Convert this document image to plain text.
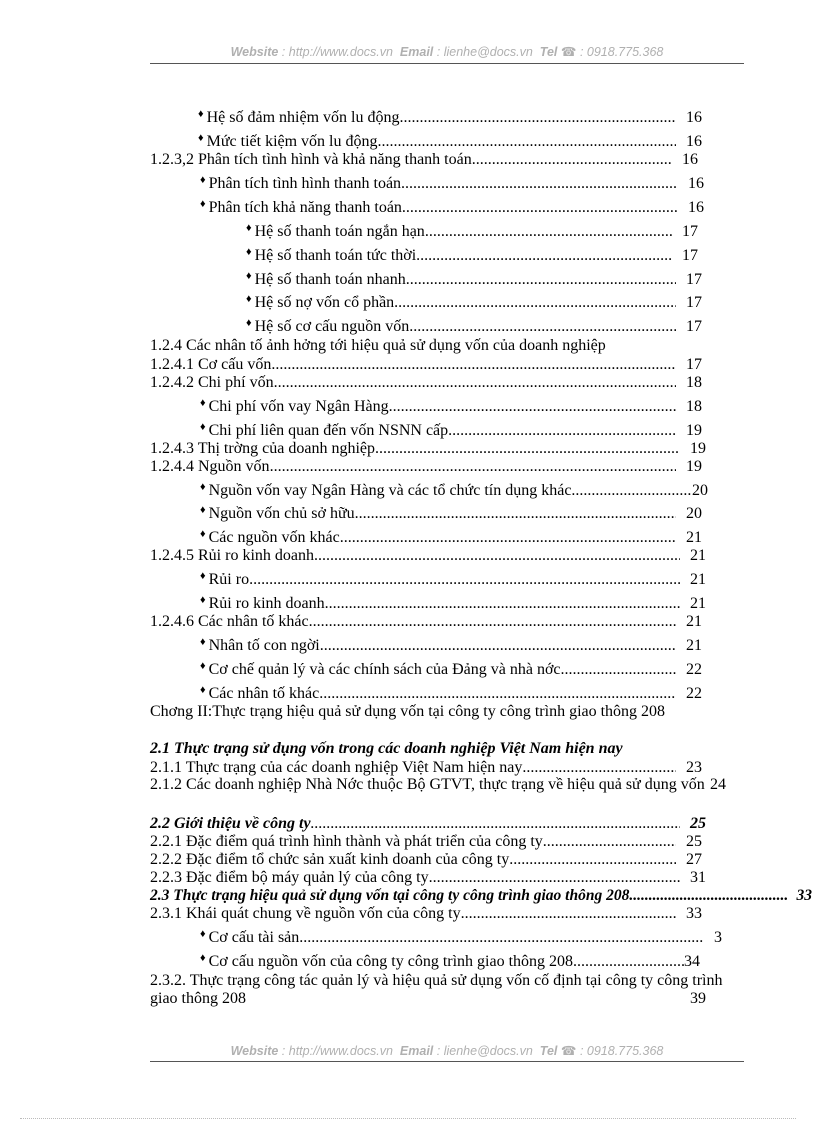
Website : http://www.docs.vn Email : lienhe@docs.vn Tel ☎ : 0918.775.368
♦ Hệ số đảm nhiệm vốn lu động .....	16
♦ Mức tiết kiệm vốn lu động .....	16
1.2.3,2 Phân tích tình hình và khả năng thanh toán .....	16
♦ Phân tích tình hình thanh toán .....	16
♦ Phân tích khả năng thanh toán .....	16
♦ Hệ số thanh toán ngắn hạn .....	17
♦ Hệ số thanh toán tức thời .....	17
♦ Hệ số thanh toán nhanh .....	17
♦ Hệ số nợ vốn cổ phần .....	17
♦ Hệ số cơ cấu nguồn vốn .....	17
1.2.4 Các nhân tố ảnh hởng tới hiệu quả sử dụng vốn của doanh nghiệp
1.2.4.1 Cơ cấu vốn .....	17
1.2.4.2 Chi phí vốn .....	18
♦ Chi phí vốn vay Ngân Hàng .....	18
♦ Chi phí liên quan đến vốn NSNN cấp .....	19
1.2.4.3 Thị trờng của doanh nghiệp .....	19
1.2.4.4 Nguồn vốn .....	19
♦ Nguồn vốn vay Ngân Hàng và các tổ chức tín dụng khác .....	20
♦ Nguồn vốn chủ sở hữu .....	20
♦ Các nguồn vốn khác .....	21
1.2.4.5 Rủi ro kinh doanh .....	21
♦ Rủi ro .....	21
♦ Rủi ro kinh doanh .....	21
1.2.4.6 Các nhân tố khác .....	21
♦ Nhân tố con ngời .....	21
♦ Cơ chế quản lý và các chính sách của Đảng và nhà nớc .....	22
♦ Các nhân tố khác .....	22
Chơng II:Thực trạng hiệu quả sử dụng vốn tại công ty công trình giao thông 208
2.1 Thực trạng sử dụng vốn trong các doanh nghiệp Việt Nam hiện nay
2.1.1 Thực trạng của các doanh nghiệp Việt Nam hiện nay .....	23
2.1.2 Các doanh nghiệp Nhà Nớc thuộc Bộ GTVT, thực trạng về hiệu quả sử dụng vốn 24
2.2 Giới thiệu về công ty .....	25
2.2.1 Đặc điểm quá trình hình thành và phát triển của công ty .....	25
2.2.2 Đặc điểm tổ chức sản xuất kinh doanh của công ty .....	27
2.2.3 Đặc điểm bộ máy quản lý của công ty .....	31
2.3 Thực trạng hiệu quả sử dụng vốn tại công ty công trình giao thông 208 .....	33
2.3.1 Khái quát chung về nguồn vốn của công ty .....	33
♦ Cơ cấu tài sản .....	3
♦ Cơ cấu nguồn vốn của công ty công trình giao thông 208 .....	34
2.3.2. Thực trạng công tác quản lý và hiệu quả sử dụng vốn cố định tại công ty công trình giao thông 208	39
Website : http://www.docs.vn Email : lienhe@docs.vn Tel ☎ : 0918.775.368
